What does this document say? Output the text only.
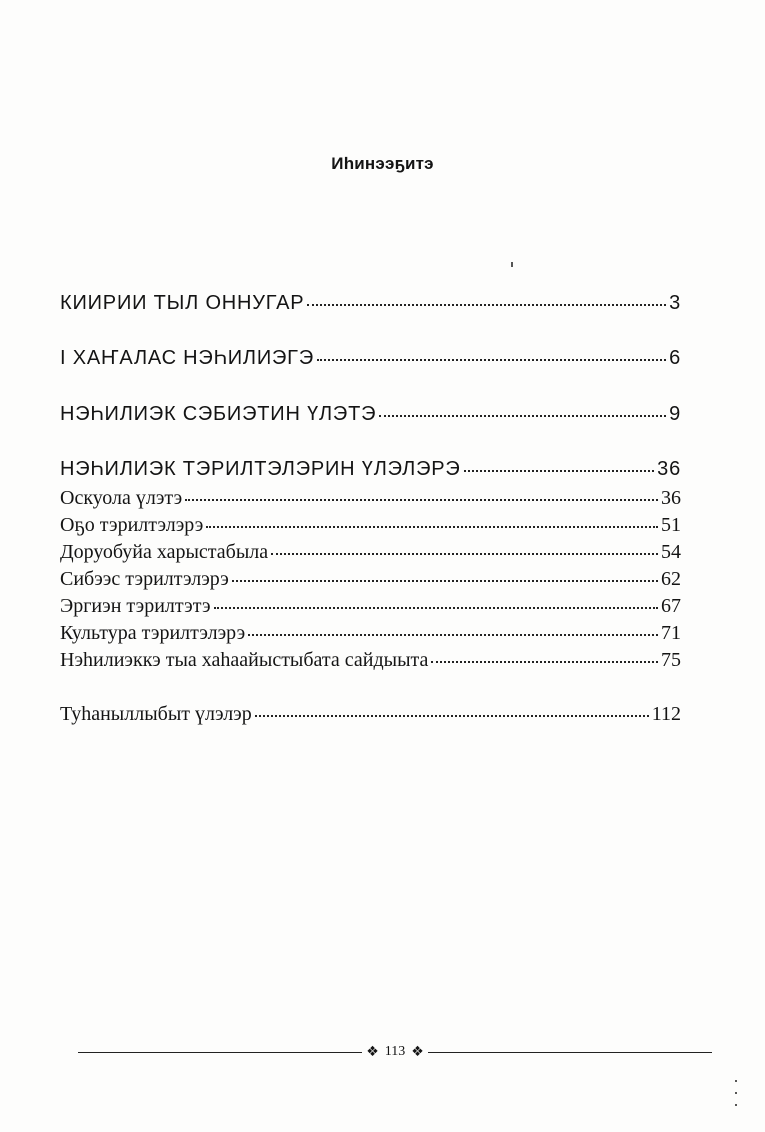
Иһинээҕитэ
КИИРИИ ТЫЛ ОННУГАР	3
I ХАҤАЛАС НЭҺИЛИЭГЭ	6
НЭҺИЛИЭК СЭБИЭТИН ҮЛЭТЭ	9
НЭҺИЛИЭК ТЭРИЛТЭЛЭРИН ҮЛЭЛЭРЭ	36
Оскуола үлэтэ	36
Оҕо тэрилтэлэрэ	51
Доруобуйа харыстабыла	54
Сибээс тэрилтэлэрэ	62
Эргиэн тэрилтэтэ	67
Культура тэрилтэлэрэ	71
Нэһилиэккэ тыа хаһаайыстыбата сайдыыта	75
Туһаныллыбыт үлэлэр	112
❖ 113 ❖
